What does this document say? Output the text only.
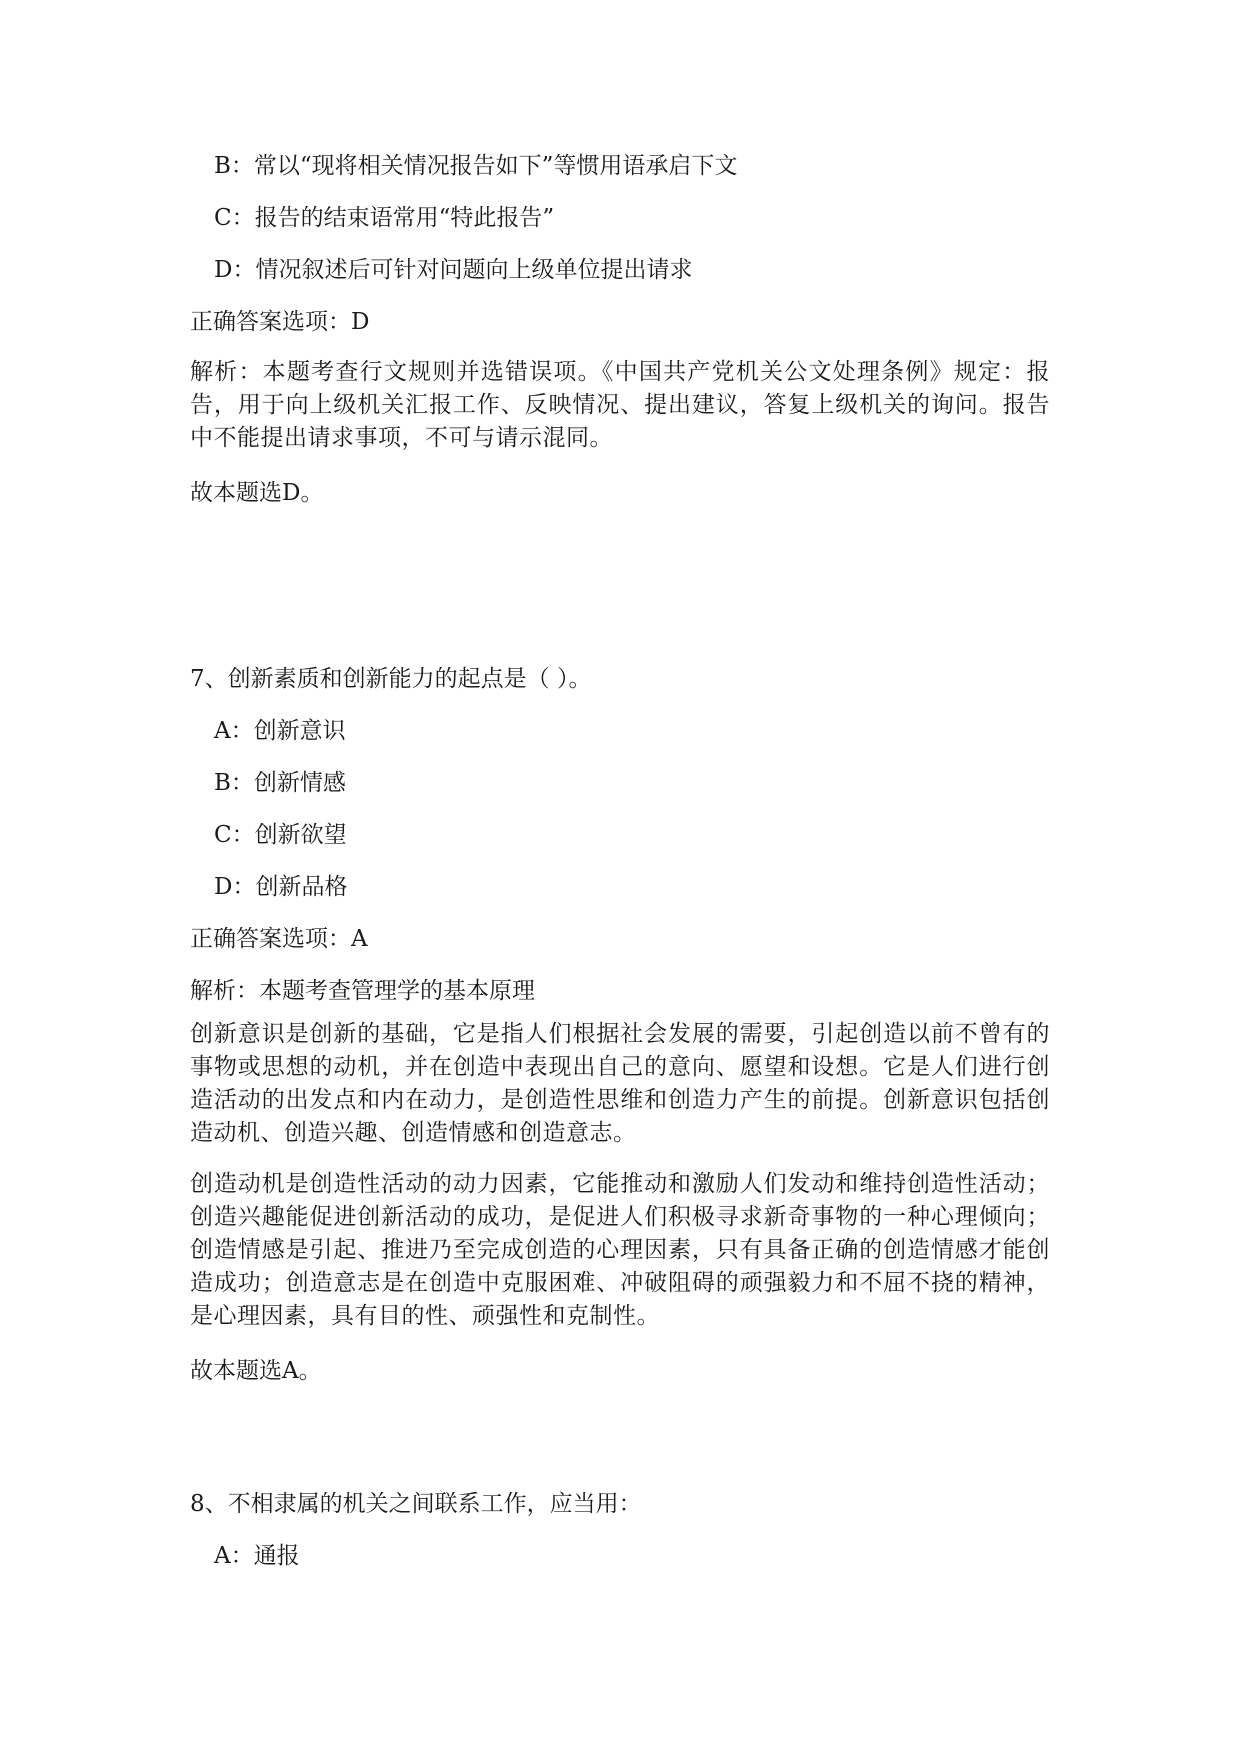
B：常以“现将相关情况报告如下”等惯用语承启下文
C：报告的结束语常用“特此报告”
D：情况叙述后可针对问题向上级单位提出请求
正确答案选项：D
解析：本题考查行文规则并选错误项。《中国共产党机关公文处理条例》规定：报告，用于向上级机关汇报工作、反映情况、提出建议，答复上级机关的询问。报告中不能提出请求事项，不可与请示混同。
故本题选D。
7、创新素质和创新能力的起点是（ ）。
A：创新意识
B：创新情感
C：创新欲望
D：创新品格
正确答案选项：A
解析：本题考查管理学的基本原理
创新意识是创新的基础，它是指人们根据社会发展的需要，引起创造以前不曾有的事物或思想的动机，并在创造中表现出自己的意向、愿望和设想。它是人们进行创造活动的出发点和内在动力，是创造性思维和创造力产生的前提。创新意识包括创造动机、创造兴趣、创造情感和创造意志。
创造动机是创造性活动的动力因素，它能推动和激励人们发动和维持创造性活动；创造兴趣能促进创新活动的成功，是促进人们积极寻求新奇事物的一种心理倾向；创造情感是引起、推进乃至完成创造的心理因素，只有具备正确的创造情感才能创造成功；创造意志是在创造中克服困难、冲破阻碍的顽强毅力和不屈不挠的精神，是心理因素，具有目的性、顽强性和克制性。
故本题选A。
8、不相隶属的机关之间联系工作，应当用：
A：通报
